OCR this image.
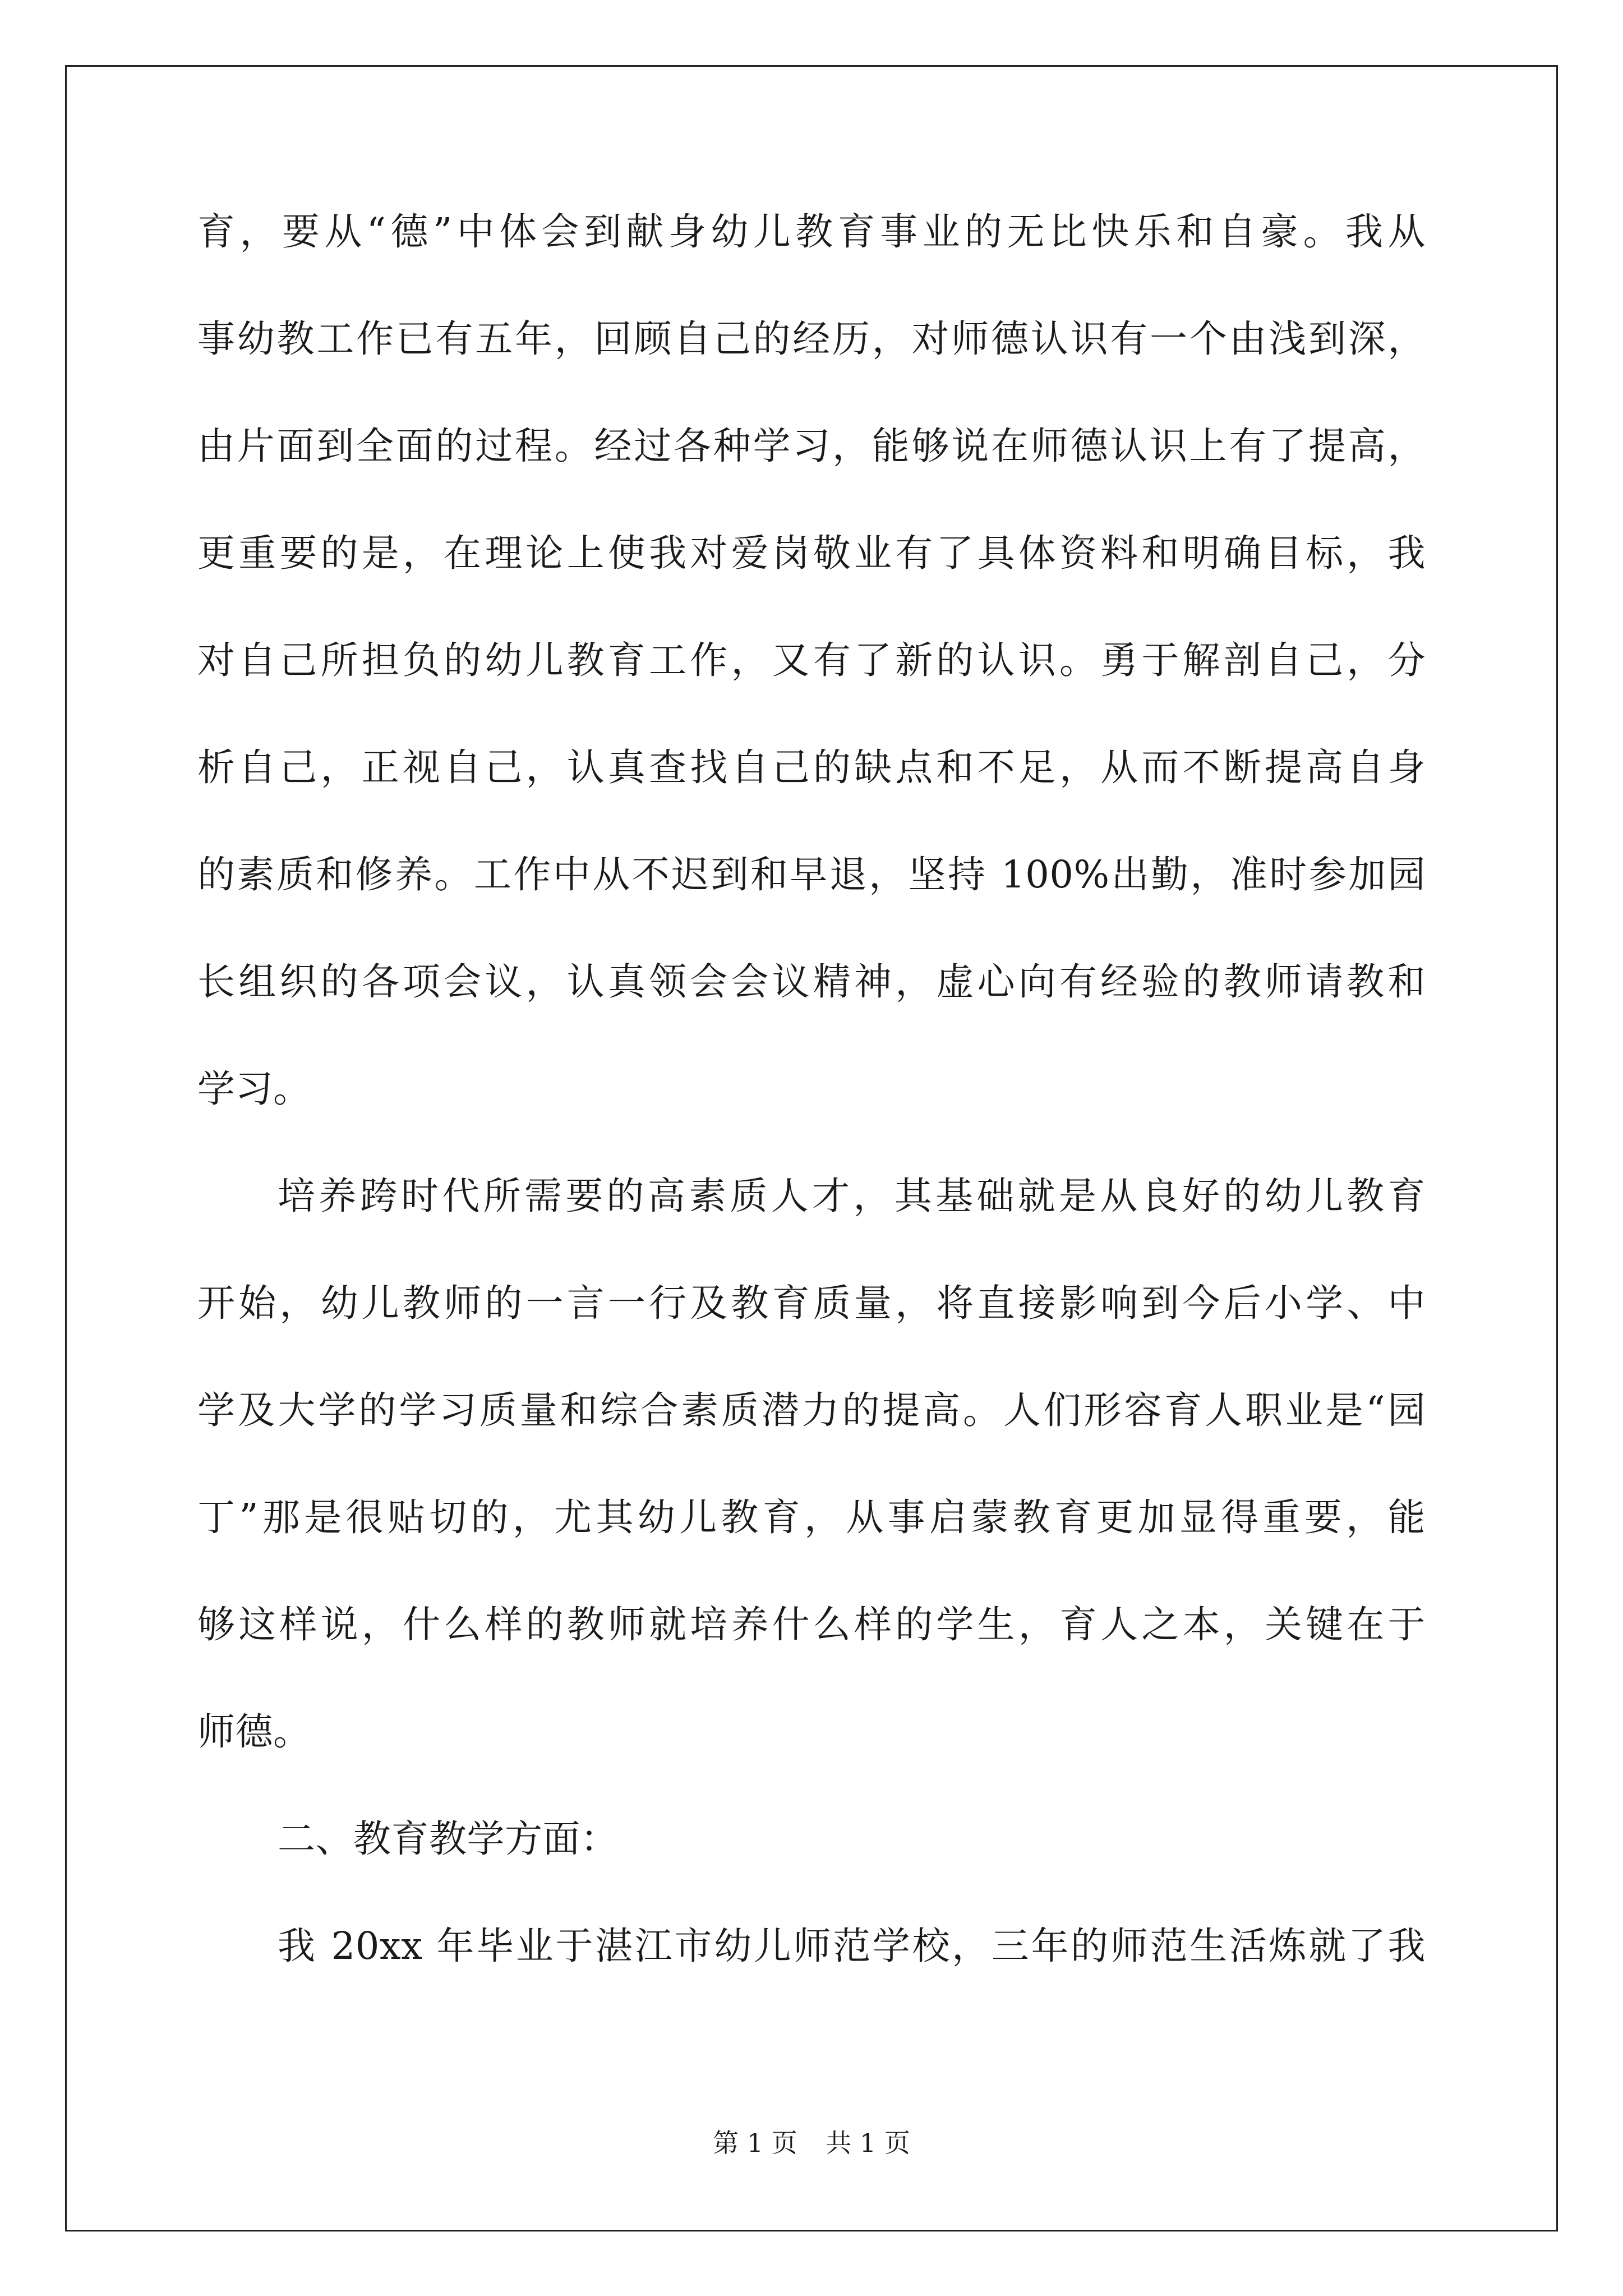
育，要从“德”中体会到献身幼儿教育事业的无比快乐和自豪。我从
事幼教工作已有五年，回顾自己的经历，对师德认识有一个由浅到深，
由片面到全面的过程。经过各种学习，能够说在师德认识上有了提高，
更重要的是，在理论上使我对爱岗敬业有了具体资料和明确目标，我
对自己所担负的幼儿教育工作，又有了新的认识。勇于解剖自己，分
析自己，正视自己，认真查找自己的缺点和不足，从而不断提高自身
的素质和修养。工作中从不迟到和早退，坚持 100%出勤，准时参加园
长组织的各项会议，认真领会会议精神，虚心向有经验的教师请教和
学习。
培养跨时代所需要的高素质人才，其基础就是从良好的幼儿教育
开始，幼儿教师的一言一行及教育质量，将直接影响到今后小学、中
学及大学的学习质量和综合素质潜力的提高。人们形容育人职业是“园
丁”那是很贴切的，尤其幼儿教育，从事启蒙教育更加显得重要，能
够这样说，什么样的教师就培养什么样的学生，育人之本，关键在于
师德。
二、教育教学方面：
我 20xx 年毕业于湛江市幼儿师范学校，三年的师范生活炼就了我
第 1 页 共 1 页
